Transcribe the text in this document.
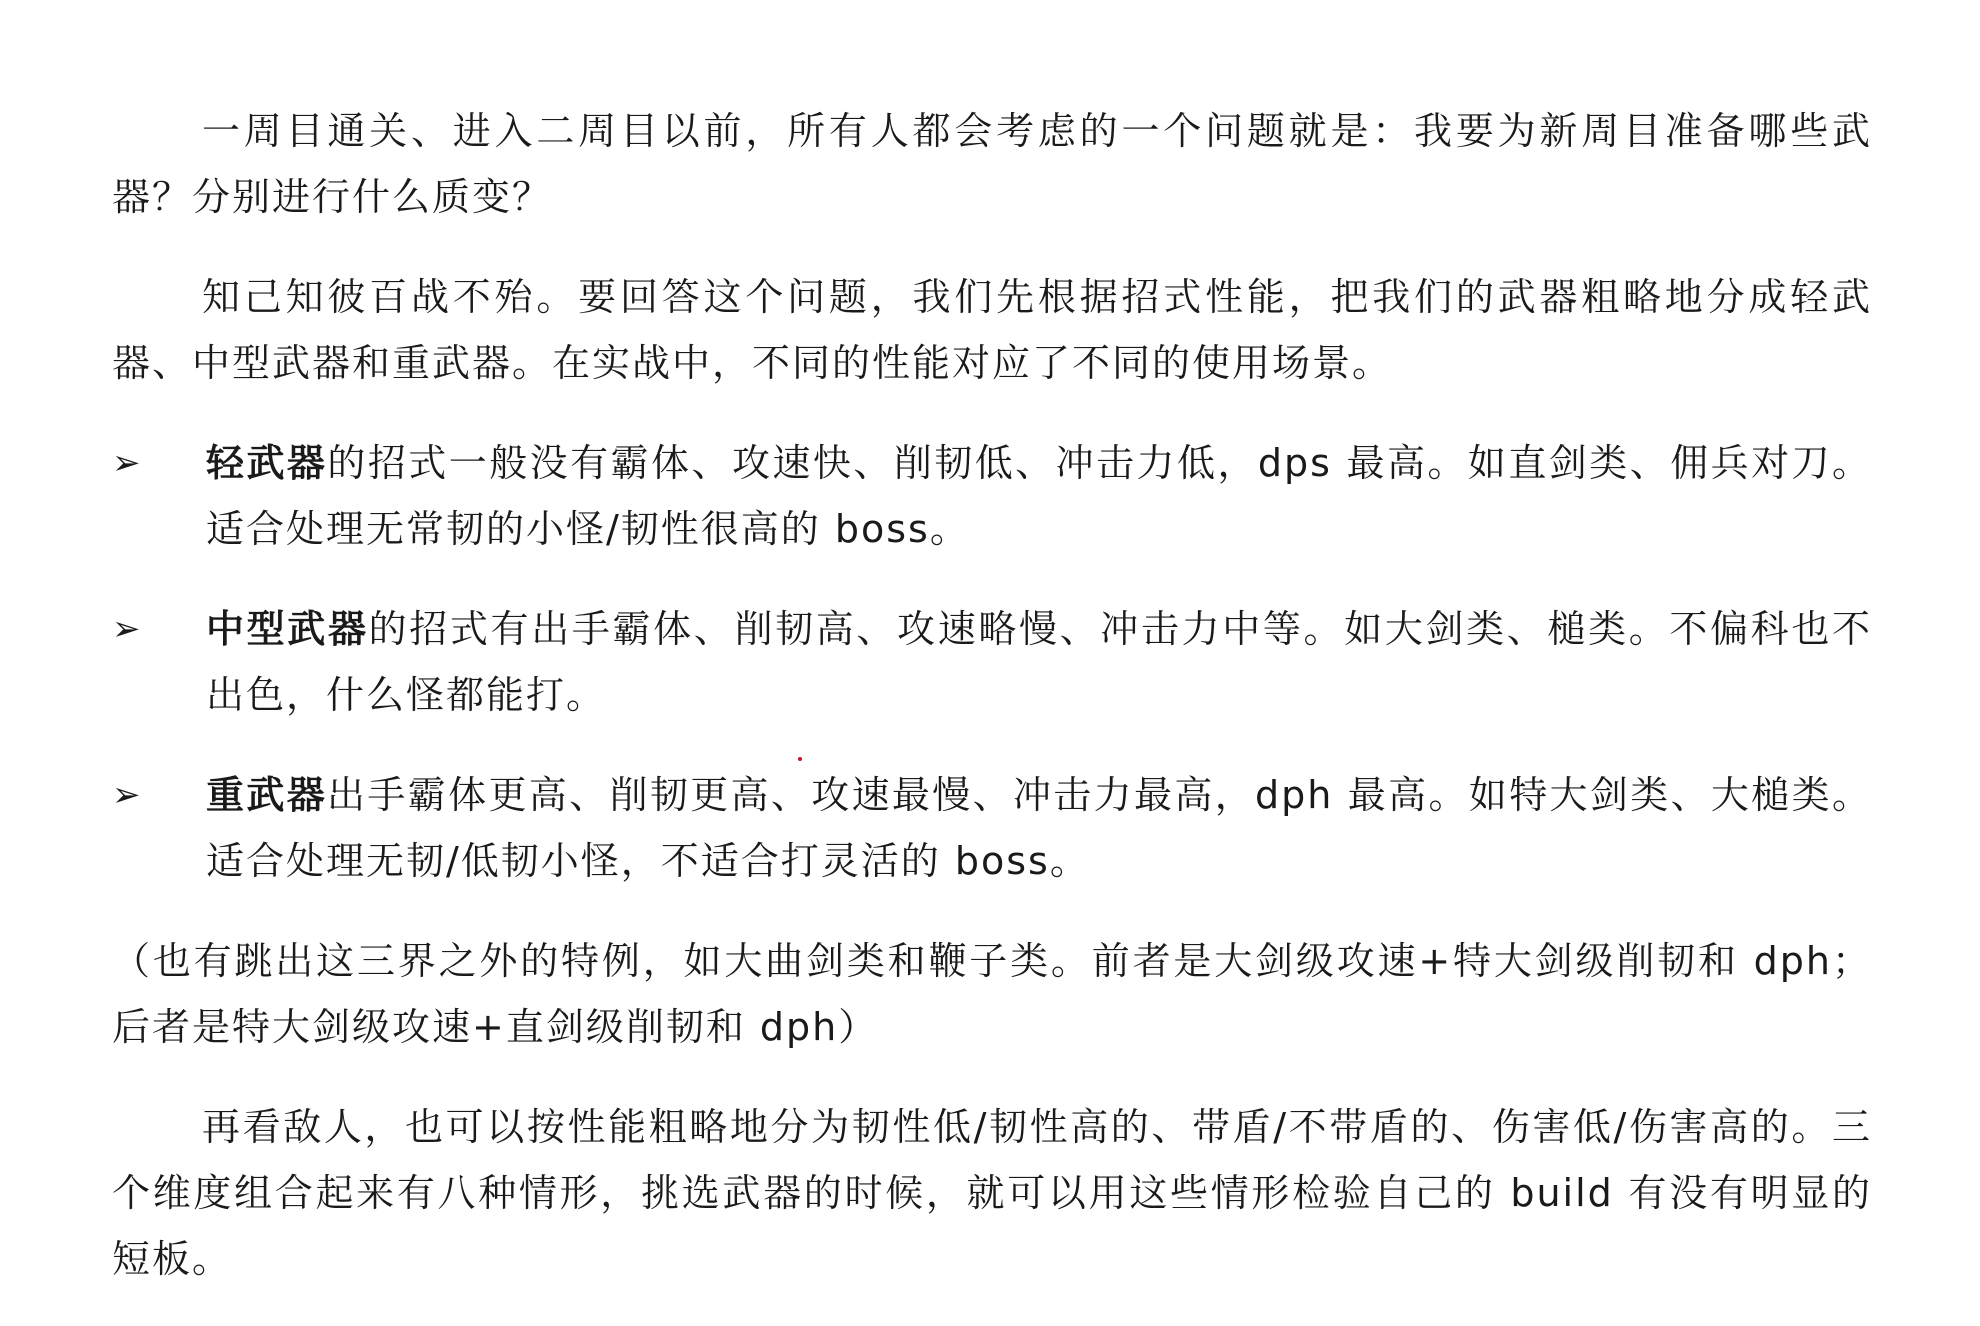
一周目通关、进入二周目以前，所有人都会考虑的一个问题就是：我要为新周目准备哪些武器？分别进行什么质变？

知己知彼百战不殆。要回答这个问题，我们先根据招式性能，把我们的武器粗略地分成轻武器、中型武器和重武器。在实战中，不同的性能对应了不同的使用场景。

➢ 轻武器的招式一般没有霸体、攻速快、削韧低、冲击力低，dps 最高。如直剑类、佣兵对刀。适合处理无常韧的小怪/韧性很高的 boss。
➢ 中型武器的招式有出手霸体、削韧高、攻速略慢、冲击力中等。如大剑类、槌类。不偏科也不出色，什么怪都能打。
➢ 重武器出手霸体更高、削韧更高、攻速最慢、冲击力最高，dph 最高。如特大剑类、大槌类。适合处理无韧/低韧小怪，不适合打灵活的 boss。

（也有跳出这三界之外的特例，如大曲剑类和鞭子类。前者是大剑级攻速+特大剑级削韧和 dph；后者是特大剑级攻速+直剑级削韧和 dph）

再看敌人，也可以按性能粗略地分为韧性低/韧性高的、带盾/不带盾的、伤害低/伤害高的。三个维度组合起来有八种情形，挑选武器的时候，就可以用这些情形检验自己的 build 有没有明显的短板。
